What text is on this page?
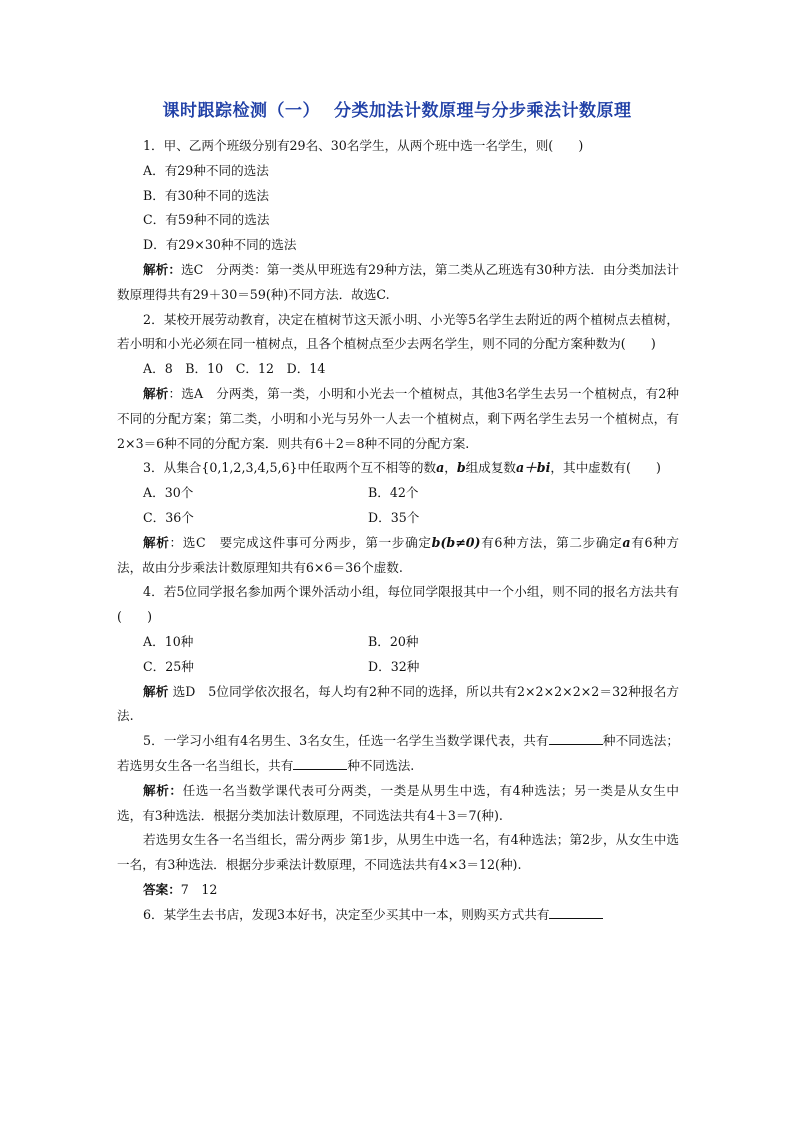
课时跟踪检测（一） 分类加法计数原理与分步乘法计数原理

1．甲、乙两个班级分别有29名、30名学生，从两个班中选一名学生，则(　　)

A．有29种不同的选法

B．有30种不同的选法

C．有59种不同的选法

D．有29×30种不同的选法

解析：选C　分两类：第一类从甲班选有29种方法，第二类从乙班选有30种方法．由分类加法计数原理得共有29＋30＝59(种)不同方法．故选C.

2．某校开展劳动教育，决定在植树节这天派小明、小光等5名学生去附近的两个植树点去植树，若小明和小光必须在同一植树点，且各个植树点至少去两名学生，则不同的分配方案种数为(　　)

A．8　B．10　C．12　D．14

解析：选A　分两类，第一类，小明和小光去一个植树点，其他3名学生去另一个植树点，有2种不同的分配方案；第二类，小明和小光与另外一人去一个植树点，剩下两名学生去另一个植树点，有2×3＝6种不同的分配方案．则共有6＋2＝8种不同的分配方案.

3．从集合{0,1,2,3,4,5,6}中任取两个互不相等的数a，b组成复数a＋bi，其中虚数有(　　)

A．30个	B．42个
C．36个	D．35个

解析：选C　要完成这件事可分两步，第一步确定b(b≠0)有6种方法，第二步确定a有6种方法，故由分步乘法计数原理知共有6×6＝36个虚数.

4．若5位同学报名参加两个课外活动小组，每位同学限报其中一个小组，则不同的报名方法共有(　　)

A．10种	B．20种
C．25种	D．32种

解析 选D　5位同学依次报名，每人均有2种不同的选择，所以共有2×2×2×2×2＝32种报名方法.

5．一学习小组有4名男生、3名女生，任选一名学生当数学课代表，共有	种不同选法；若选男女生各一名当组长，共有	种不同选法.

解析：任选一名当数学课代表可分两类，一类是从男生中选，有4种选法；另一类是从女生中选，有3种选法．根据分类加法计数原理，不同选法共有4＋3＝7(种).

若选男女生各一名当组长，需分两步 第1步，从男生中选一名，有4种选法；第2步，从女生中选一名，有3种选法．根据分步乘法计数原理，不同选法共有4×3＝12(种).

答案：7　12

6．某学生去书店，发现3本好书，决定至少买其中一本，则购买方式共有
